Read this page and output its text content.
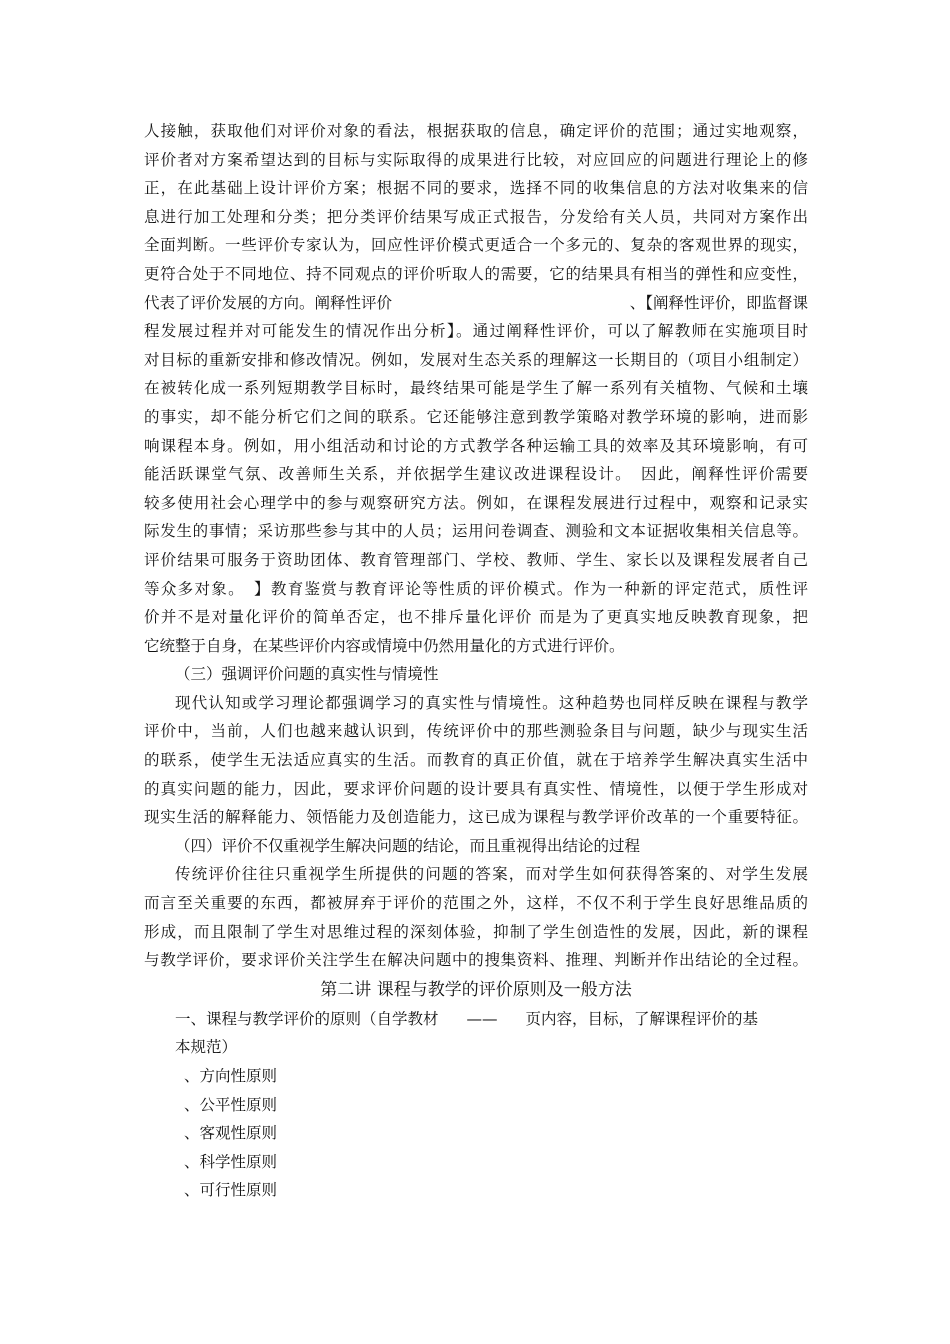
人接触，获取他们对评价对象的看法，根据获取的信息，确定评价的范围；通过实地观察，
评价者对方案希望达到的目标与实际取得的成果进行比较，对应回应的问题进行理论上的修
正，在此基础上设计评价方案；根据不同的要求，选择不同的收集信息的方法对收集来的信
息进行加工处理和分类；把分类评价结果写成正式报告，分发给有关人员，共同对方案作出
全面判断。一些评价专家认为，回应性评价模式更适合一个多元的、复杂的客观世界的现实，
更符合处于不同地位、持不同观点的评价听取人的需要，它的结果具有相当的弹性和应变性，
代表了评价发展的方向。阐释性评价	、【阐释性评价，即监督课
程发展过程并对可能发生的情况作出分析】。通过阐释性评价，可以了解教师在实施项目时
对目标的重新安排和修改情况。例如，发展对生态关系的理解这一长期目的（项目小组制定）
在被转化成一系列短期教学目标时，最终结果可能是学生了解一系列有关植物、气候和土壤
的事实，却不能分析它们之间的联系。它还能够注意到教学策略对教学环境的影响，进而影
响课程本身。例如，用小组活动和讨论的方式教学各种运输工具的效率及其环境影响，有可
能活跃课堂气氛、改善师生关系，并依据学生建议改进课程设计。　因此，阐释性评价需要
较多使用社会心理学中的参与观察研究方法。例如，在课程发展进行过程中，观察和记录实
际发生的事情；采访那些参与其中的人员；运用问卷调查、测验和文本证据收集相关信息等。
评价结果可服务于资助团体、教育管理部门、学校、教师、学生、家长以及课程发展者自己
等众多对象。　】教育鉴赏与教育评论等性质的评价模式。作为一种新的评定范式，质性评
价并不是对量化评价的简单否定，也不排斥量化评价 而是为了更真实地反映教育现象，把
它统整于自身，在某些评价内容或情境中仍然用量化的方式进行评价。
（三）强调评价问题的真实性与情境性
现代认知或学习理论都强调学习的真实性与情境性。这种趋势也同样反映在课程与教学
评价中，当前，人们也越来越认识到，传统评价中的那些测验条目与问题，缺少与现实生活
的联系，使学生无法适应真实的生活。而教育的真正价值，就在于培养学生解决真实生活中
的真实问题的能力，因此，要求评价问题的设计要具有真实性、情境性，以便于学生形成对
现实生活的解释能力、领悟能力及创造能力，这已成为课程与教学评价改革的一个重要特征。
（四）评价不仅重视学生解决问题的结论，而且重视得出结论的过程
传统评价往往只重视学生所提供的问题的答案，而对学生如何获得答案的、对学生发展
而言至关重要的东西，都被屏弃于评价的范围之外，这样，不仅不利于学生良好思维品质的
形成，而且限制了学生对思维过程的深刻体验，抑制了学生创造性的发展，因此，新的课程
与教学评价，要求评价关注学生在解决问题中的搜集资料、推理、判断并作出结论的全过程。
第二讲 课程与教学的评价原则及一般方法
一、课程与教学评价的原则（自学教材 —— 页内容，目标，了解课程评价的基
本规范）
、方向性原则
、公平性原则
、客观性原则
、科学性原则
、可行性原则
